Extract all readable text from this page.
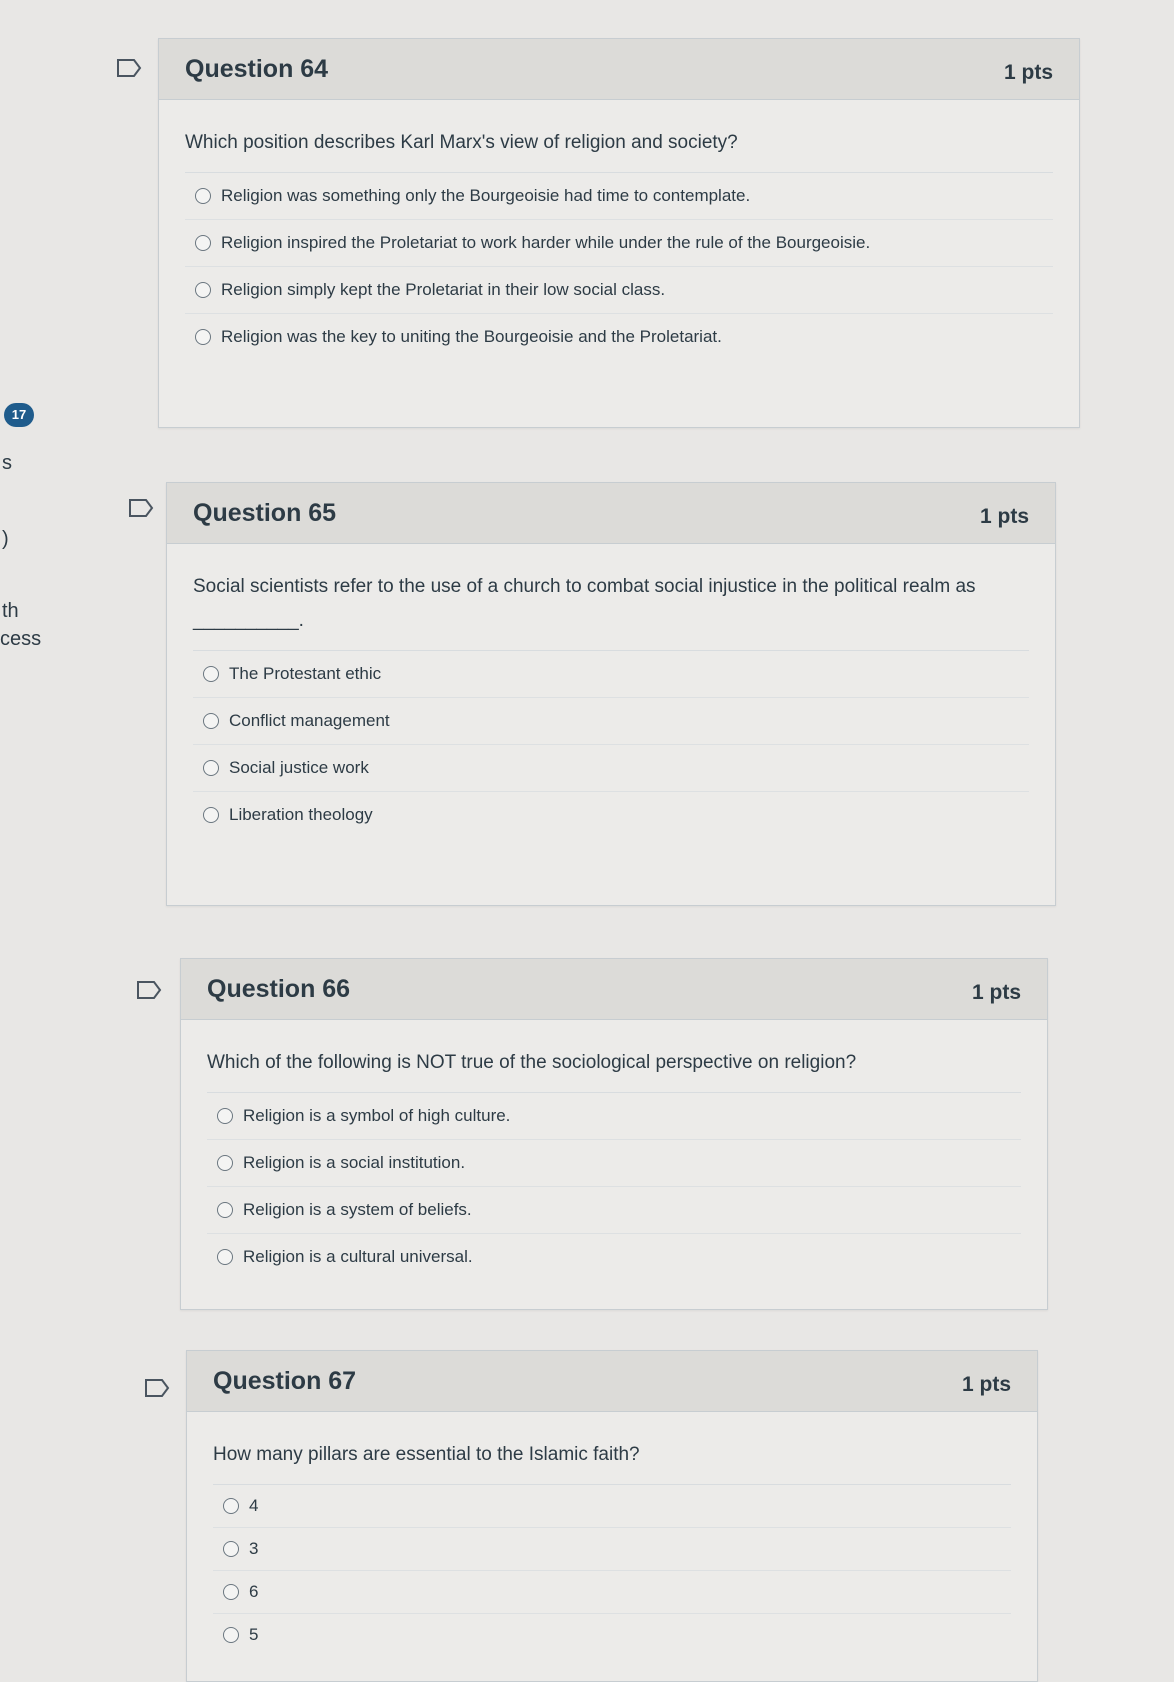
s
)
th
cess
17
Question 64	1 pts
Which position describes Karl Marx's view of religion and society?
Religion was something only the Bourgeoisie had time to contemplate.
Religion inspired the Proletariat to work harder while under the rule of the Bourgeoisie.
Religion simply kept the Proletariat in their low social class.
Religion was the key to uniting the Bourgeoisie and the Proletariat.
Question 65	1 pts
Social scientists refer to the use of a church to combat social injustice in the political realm as
__________.
The Protestant ethic
Conflict management
Social justice work
Liberation theology
Question 66	1 pts
Which of the following is NOT true of the sociological perspective on religion?
Religion is a symbol of high culture.
Religion is a social institution.
Religion is a system of beliefs.
Religion is a cultural universal.
Question 67	1 pts
How many pillars are essential to the Islamic faith?
4
3
6
5
